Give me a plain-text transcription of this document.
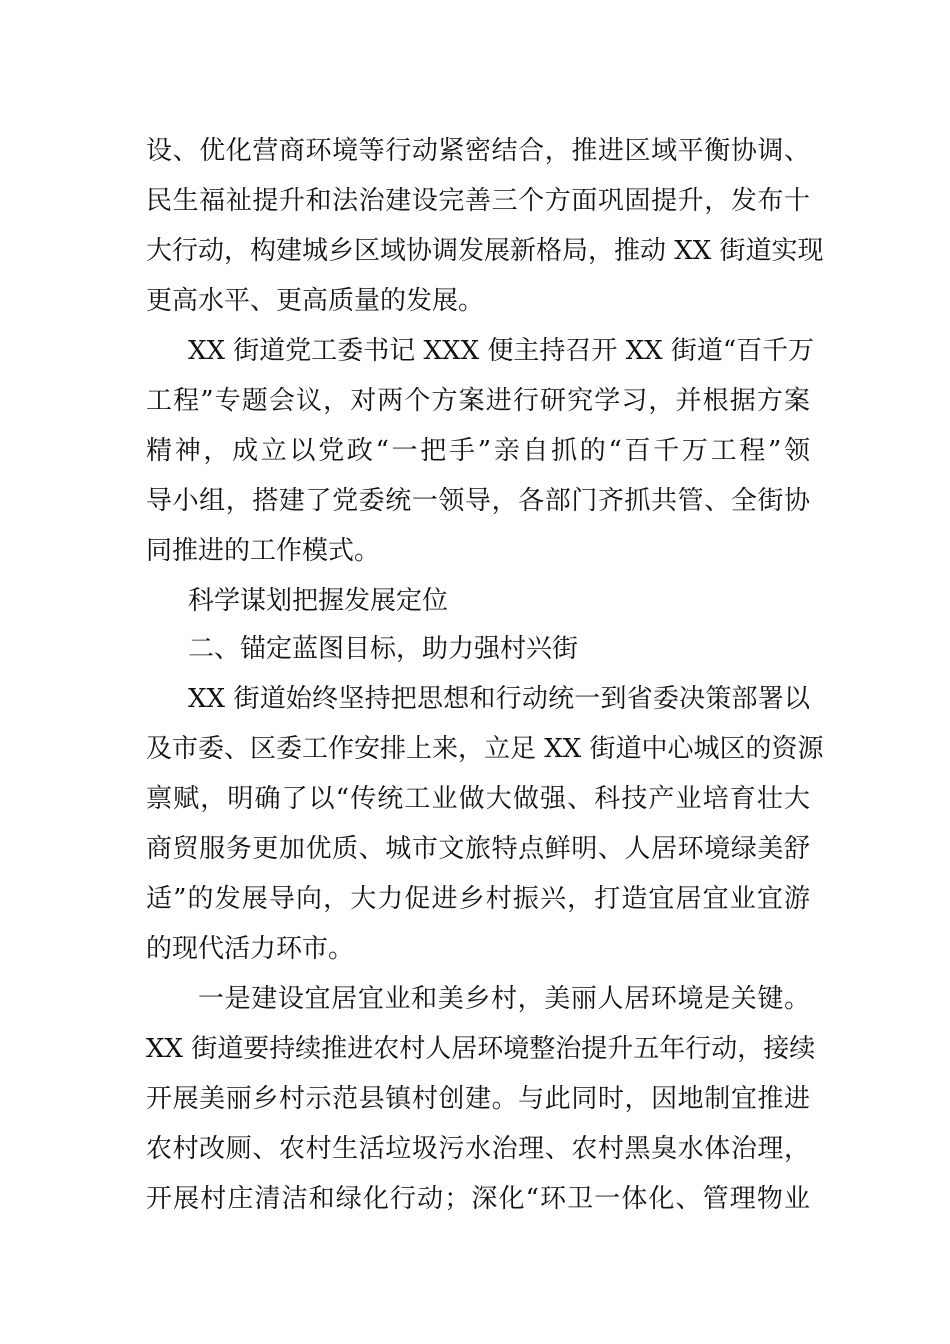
设、优化营商环境等行动紧密结合，推进区域平衡协调、
民生福祉提升和法治建设完善三个方面巩固提升，发布十
大行动，构建城乡区域协调发展新格局，推动 XX 街道实现
更高水平、更高质量的发展。
XX 街道党工委书记 XXX 便主持召开 XX 街道“百千万
工程”专题会议，对两个方案进行研究学习，并根据方案
精神，成立以党政“一把手”亲自抓的“百千万工程”领
导小组，搭建了党委统一领导，各部门齐抓共管、全街协
同推进的工作模式。
科学谋划把握发展定位
二、锚定蓝图目标，助力强村兴街
XX 街道始终坚持把思想和行动统一到省委决策部署以
及市委、区委工作安排上来，立足 XX 街道中心城区的资源
禀赋，明确了以“传统工业做大做强、科技产业培育壮大
商贸服务更加优质、城市文旅特点鲜明、人居环境绿美舒
适”的发展导向，大力促进乡村振兴，打造宜居宜业宜游
的现代活力环市。
一是建设宜居宜业和美乡村，美丽人居环境是关键。
XX 街道要持续推进农村人居环境整治提升五年行动，接续
开展美丽乡村示范县镇村创建。与此同时，因地制宜推进
农村改厕、农村生活垃圾污水治理、农村黑臭水体治理，
开展村庄清洁和绿化行动；深化“环卫一体化、管理物业
